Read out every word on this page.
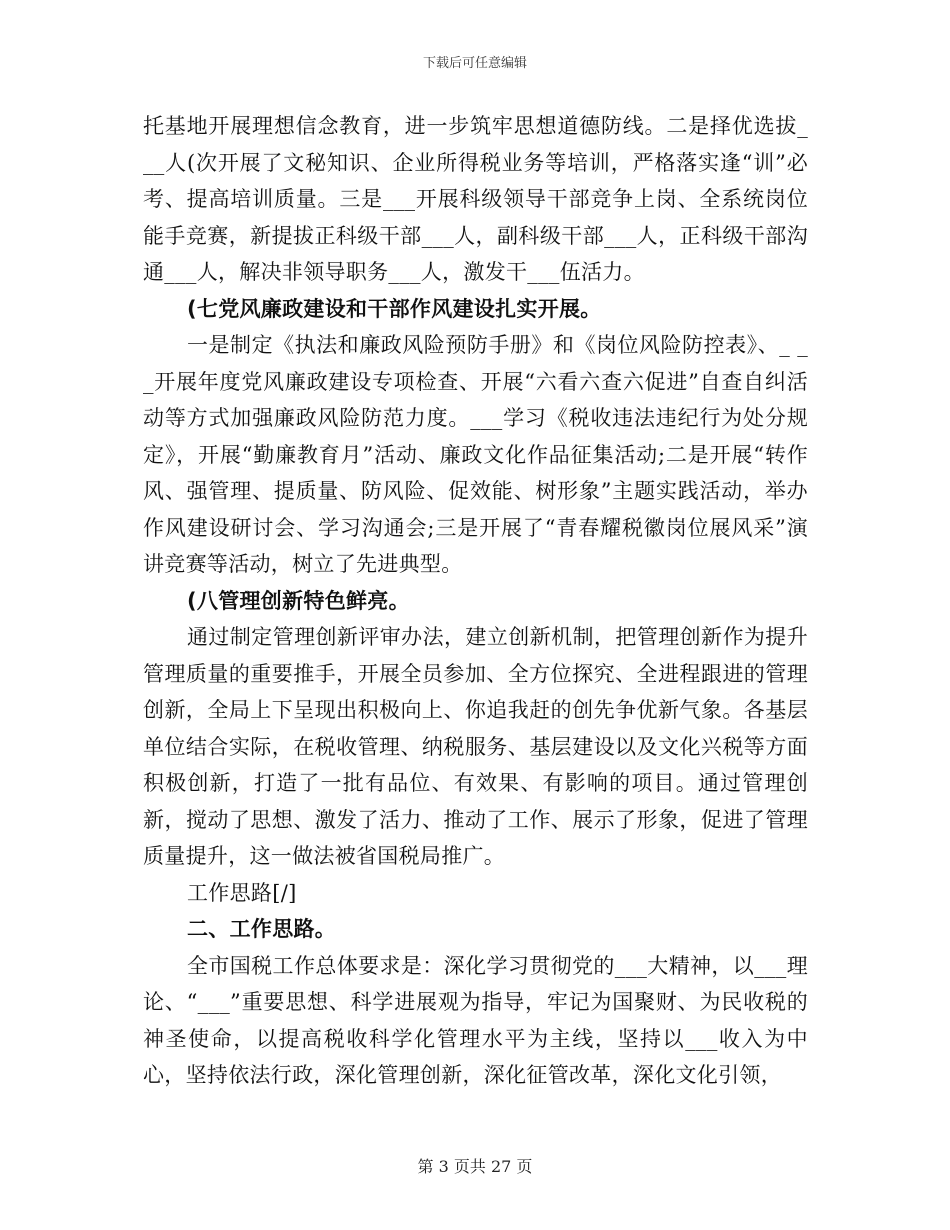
下载后可任意编辑

托基地开展理想信念教育，进一步筑牢思想道德防线。二是择优选拔_ __人(次开展了文秘知识、企业所得税业务等培训，严格落实逢“训”必考、提高培训质量。三是___开展科级领导干部竞争上岗、全系统岗位能手竞赛，新提拔正科级干部___人，副科级干部___人，正科级干部沟通___人，解决非领导职务___人，激发干___伍活力。

(七党风廉政建设和干部作风建设扎实开展。

一是制定《执法和廉政风险预防手册》和《岗位风险防控表》、_ __开展年度党风廉政建设专项检查、开展“六看六查六促进”自查自纠活动等方式加强廉政风险防范力度。___学习《税收违法违纪行为处分规定》，开展“勤廉教育月”活动、廉政文化作品征集活动;二是开展“转作风、强管理、提质量、防风险、促效能、树形象”主题实践活动，举办作风建设研讨会、学习沟通会;三是开展了“青春耀税徽岗位展风采”演讲竞赛等活动，树立了先进典型。

(八管理创新特色鲜亮。

通过制定管理创新评审办法，建立创新机制，把管理创新作为提升管理质量的重要推手，开展全员参加、全方位探究、全进程跟进的管理创新，全局上下呈现出积极向上、你追我赶的创先争优新气象。各基层单位结合实际，在税收管理、纳税服务、基层建设以及文化兴税等方面积极创新，打造了一批有品位、有效果、有影响的项目。通过管理创新，搅动了思想、激发了活力、推动了工作、展示了形象，促进了管理质量提升，这一做法被省国税局推广。

工作思路[/]

二、工作思路。

全市国税工作总体要求是：深化学习贯彻党的___大精神，以___理论、“___”重要思想、科学进展观为指导，牢记为国聚财、为民收税的神圣使命，以提高税收科学化管理水平为主线，坚持以___收入为中心，坚持依法行政，深化管理创新，深化征管改革，深化文化引领，

第 3 页共 27 页
